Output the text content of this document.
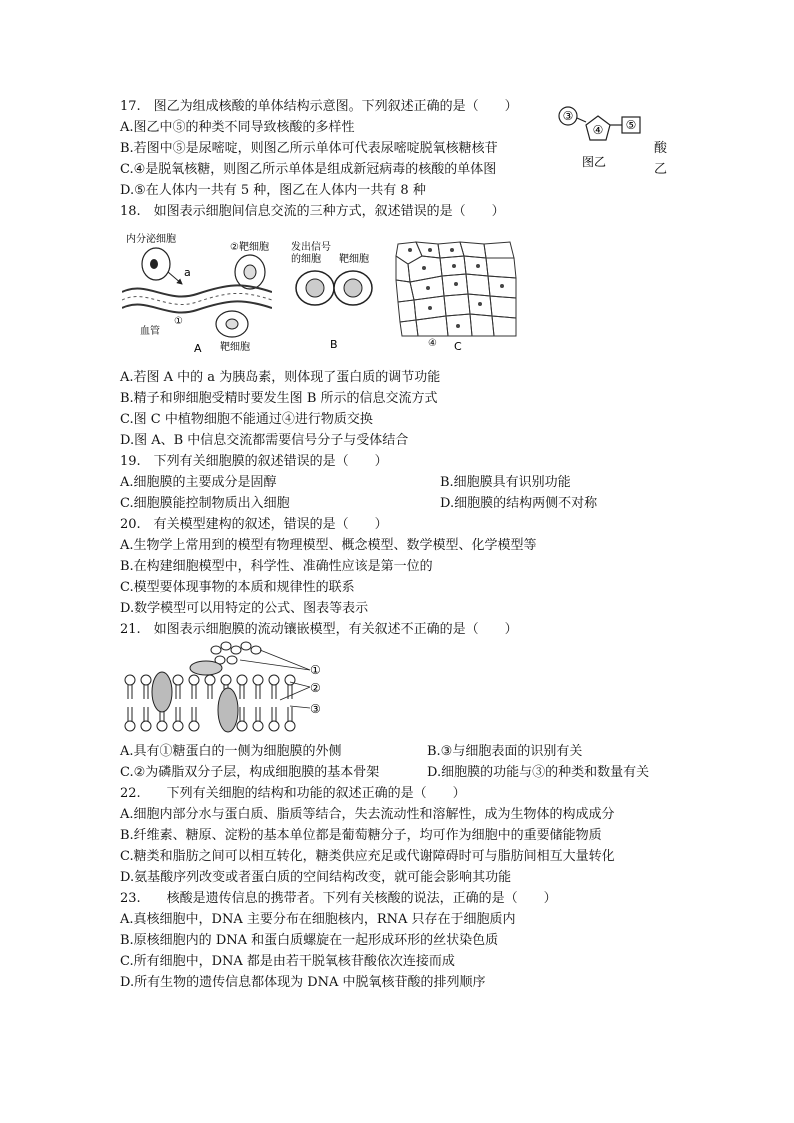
17.　图乙为组成核酸的单体结构示意图。下列叙述正确的是（　　）
A.图乙中⑤的种类不同导致核酸的多样性
B.若图中⑤是尿嘧啶，则图乙所示单体可代表尿嘧啶脱氧核糖核苷	酸
C.④是脱氧核糖，则图乙所示单体是组成新冠病毒的核酸的单体图	乙
D.⑤在人体内一共有 5 种，图乙在人体内一共有 8 种
③
④ ⑤
图乙
18.　如图表示细胞间信息交流的三种方式，叙述错误的是（　　）
内分泌细胞
②靶细胞
a
①
血管
靶细胞
A
发出信号
的细胞 靶细胞
B	④ C
A.若图 A 中的 a 为胰岛素，则体现了蛋白质的调节功能
B.精子和卵细胞受精时要发生图 B 所示的信息交流方式
C.图 C 中植物细胞不能通过④进行物质交换
D.图 A、B 中信息交流都需要信号分子与受体结合
19.　下列有关细胞膜的叙述错误的是（　　）
A.细胞膜的主要成分是固醇	B.细胞膜具有识别功能
C.细胞膜能控制物质出入细胞	D.细胞膜的结构两侧不对称
20.　有关模型建构的叙述，错误的是（　　）
A.生物学上常用到的模型有物理模型、概念模型、数学模型、化学模型等
B.在构建细胞模型中，科学性、准确性应该是第一位的
C.模型要体现事物的本质和规律性的联系
D.数学模型可以用特定的公式、图表等表示
21.　如图表示细胞膜的流动镶嵌模型，有关叙述不正确的是（　　）
①
②
③
A.具有①糖蛋白的一侧为细胞膜的外侧	B.③与细胞表面的识别有关
C.②为磷脂双分子层，构成细胞膜的基本骨架	D.细胞膜的功能与③的种类和数量有关
22.　　下列有关细胞的结构和功能的叙述正确的是（　　）
A.细胞内部分水与蛋白质、脂质等结合，失去流动性和溶解性，成为生物体的构成成分
B.纤维素、糖原、淀粉的基本单位都是葡萄糖分子，均可作为细胞中的重要储能物质
C.糖类和脂肪之间可以相互转化，糖类供应充足或代谢障碍时可与脂肪间相互大量转化
D.氨基酸序列改变或者蛋白质的空间结构改变，就可能会影响其功能
23.　　核酸是遗传信息的携带者。下列有关核酸的说法，正确的是（　　）
A.真核细胞中，DNA 主要分布在细胞核内，RNA 只存在于细胞质内
B.原核细胞内的 DNA 和蛋白质螺旋在一起形成环形的丝状染色质
C.所有细胞中，DNA 都是由若干脱氧核苷酸依次连接而成
D.所有生物的遗传信息都体现为 DNA 中脱氧核苷酸的排列顺序
